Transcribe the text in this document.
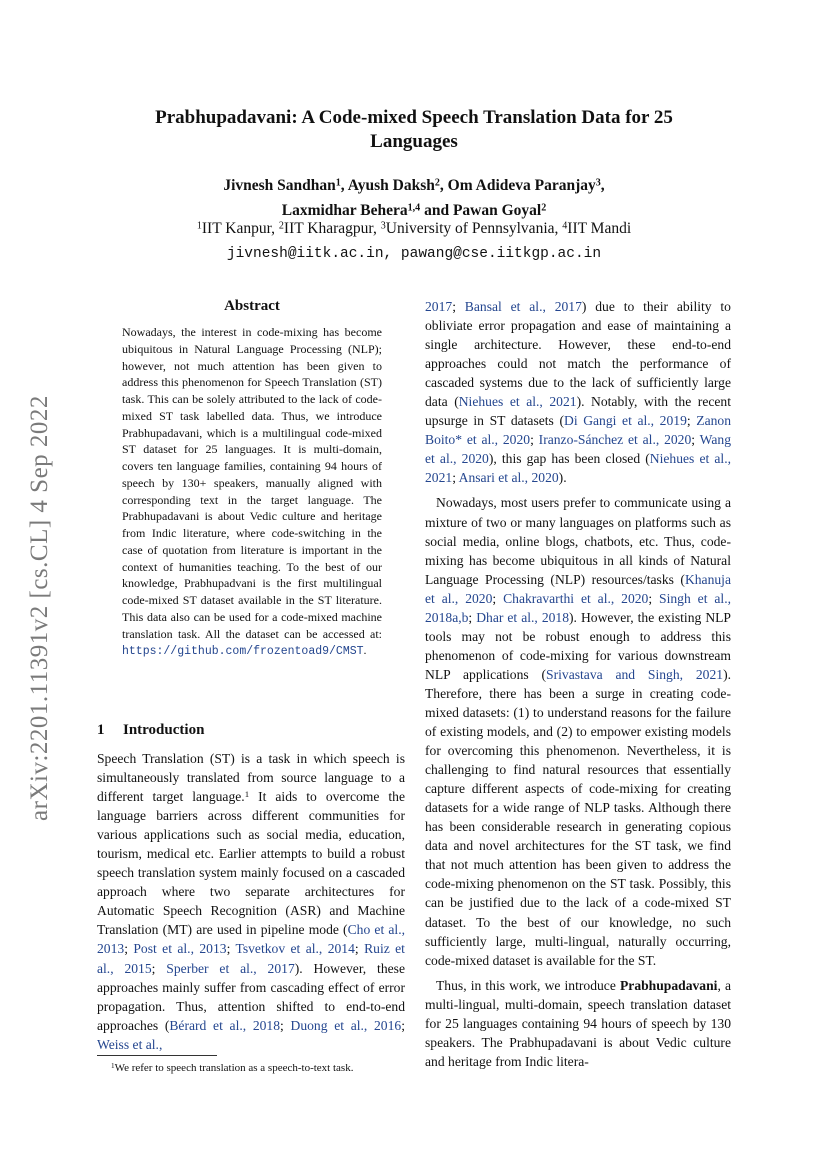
arXiv:2201.11391v2 [cs.CL] 4 Sep 2022
Prabhupadavani: A Code-mixed Speech Translation Data for 25
Languages
Jivnesh Sandhan$^1$, Ayush Daksh$^2$, Om Adideva Paranjay$^3$,
Laxmidhar Behera$^{1,4}$ and Pawan Goyal$^2$
$^1$IIT Kanpur, $^2$IIT Kharagpur, $^3$University of Pennsylvania, $^4$IIT Mandi
jivnesh@iitk.ac.in, pawang@cse.iitkgp.ac.in
Abstract
Nowadays, the interest in code-mixing has become ubiquitous in Natural Language Processing (NLP); however, not much attention has been given to address this phenomenon for Speech Translation (ST) task. This can be solely attributed to the lack of code-mixed ST task labelled data. Thus, we introduce Prabhupadavani, which is a multilingual code-mixed ST dataset for 25 languages. It is multi-domain, covers ten language families, containing 94 hours of speech by 130+ speakers, manually aligned with corresponding text in the target language. The Prabhupadavani is about Vedic culture and heritage from Indic literature, where code-switching in the case of quotation from literature is important in the context of humanities teaching. To the best of our knowledge, Prabhupadvani is the first multilingual code-mixed ST dataset available in the ST literature. This data also can be used for a code-mixed machine translation task. All the dataset can be accessed at: https://github.com/frozentoad9/CMST.
1 Introduction

Speech Translation (ST) is a task in which speech is simultaneously translated from source language to a different target language.$^1$ It aids to overcome the language barriers across different communities for various applications such as social media, education, tourism, medical etc. Earlier attempts to build a robust speech translation system mainly focused on a cascaded approach where two separate architectures for Automatic Speech Recognition (ASR) and Machine Translation (MT) are used in pipeline mode (Cho et al., 2013; Post et al., 2013; Tsvetkov et al., 2014; Ruiz et al., 2015; Sperber et al., 2017). However, these approaches mainly suffer from cascading effect of error propagation. Thus, attention shifted to end-to-end approaches (Bérard et al., 2018; Duong et al., 2016; Weiss et al.,

2017; Bansal et al., 2017) due to their ability to obliviate error propagation and ease of maintaining a single architecture. However, these end-to-end approaches could not match the performance of cascaded systems due to the lack of sufficiently large data (Niehues et al., 2021). Notably, with the recent upsurge in ST datasets (Di Gangi et al., 2019; Zanon Boito* et al., 2020; Iranzo-Sánchez et al., 2020; Wang et al., 2020), this gap has been closed (Niehues et al., 2021; Ansari et al., 2020).

Nowadays, most users prefer to communicate using a mixture of two or many languages on platforms such as social media, online blogs, chatbots, etc. Thus, code-mixing has become ubiquitous in all kinds of Natural Language Processing (NLP) resources/tasks (Khanuja et al., 2020; Chakravarthi et al., 2020; Singh et al., 2018a,b; Dhar et al., 2018). However, the existing NLP tools may not be robust enough to address this phenomenon of code-mixing for various downstream NLP applications (Srivastava and Singh, 2021). Therefore, there has been a surge in creating code-mixed datasets: (1) to understand reasons for the failure of existing models, and (2) to empower existing models for overcoming this phenomenon. Nevertheless, it is challenging to find natural resources that essentially capture different aspects of code-mixing for creating datasets for a wide range of NLP tasks. Although there has been considerable research in generating copious data and novel architectures for the ST task, we find that not much attention has been given to address the code-mixing phenomenon on the ST task. Possibly, this can be justified due to the lack of a code-mixed ST dataset. To the best of our knowledge, no such sufficiently large, multi-lingual, naturally occurring, code-mixed dataset is available for the ST.

Thus, in this work, we introduce Prabhupadavani, a multi-lingual, multi-domain, speech translation dataset for 25 languages containing 94 hours of speech by 130 speakers. The Prabhupadavani is about Vedic culture and heritage from Indic litera-

$^1$We refer to speech translation as a speech-to-text task.
